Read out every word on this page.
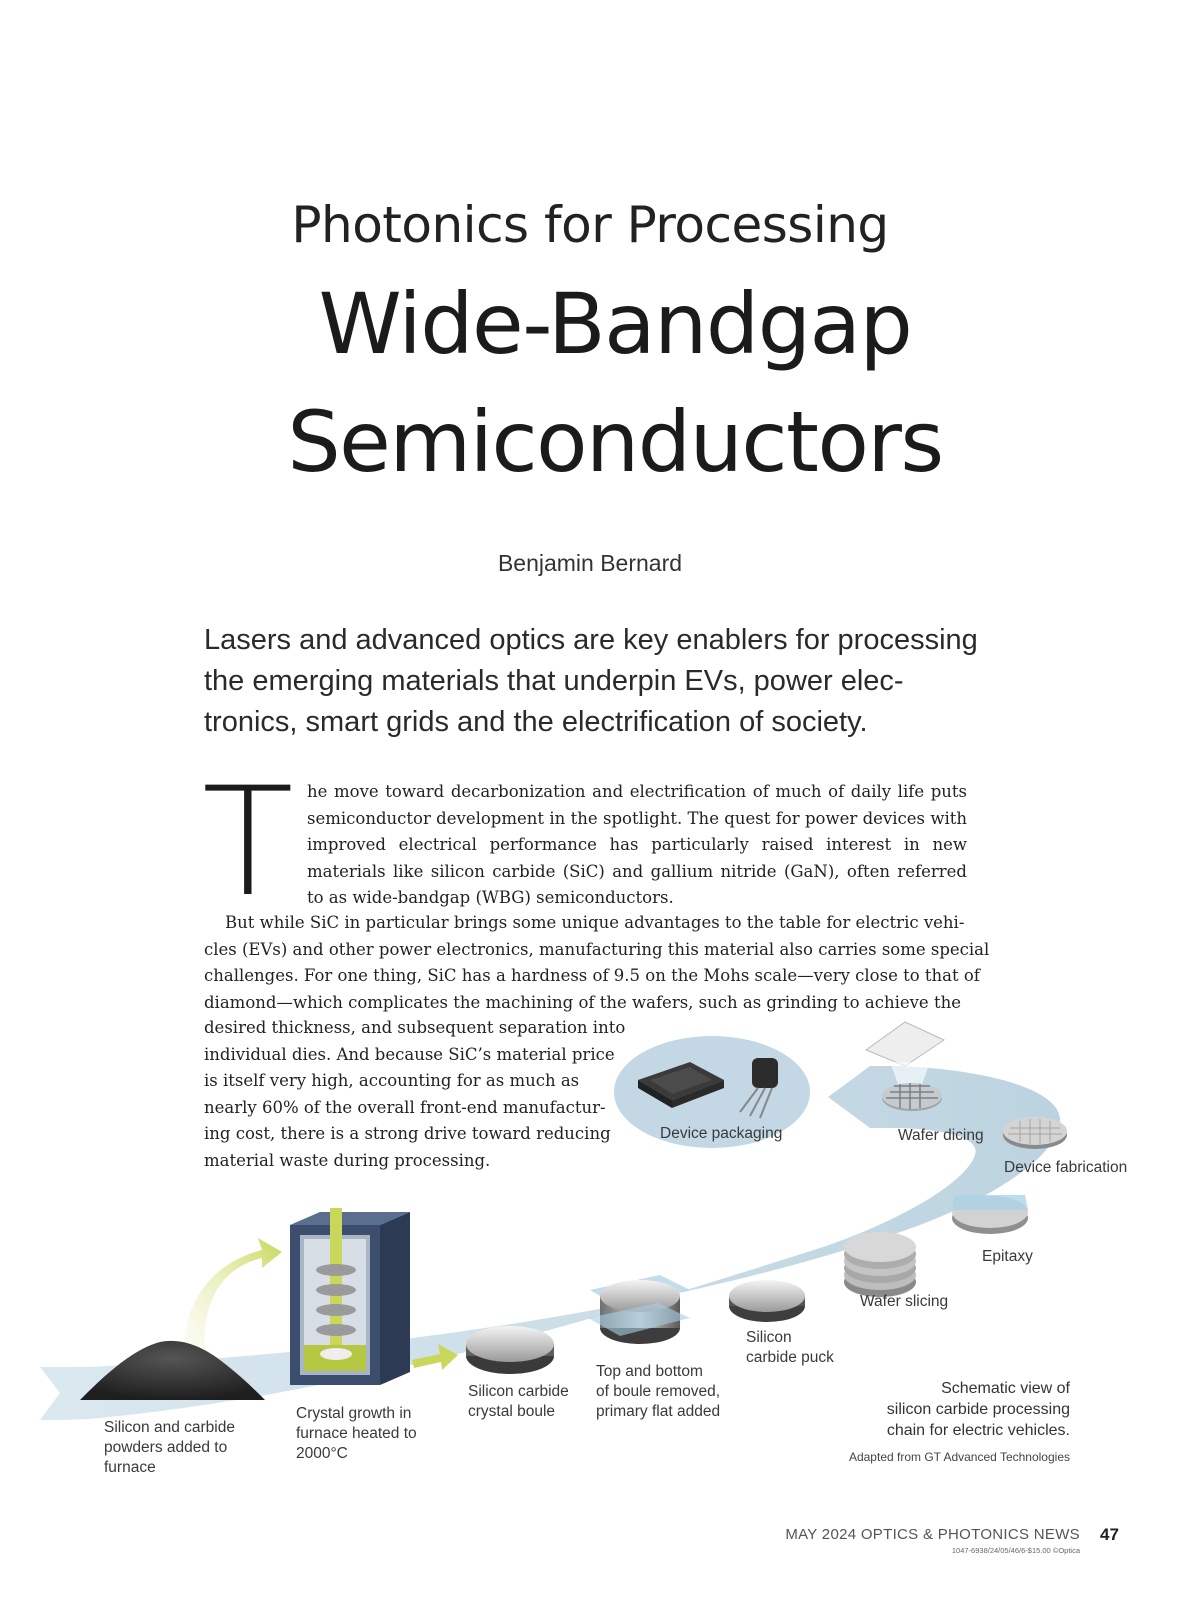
Photonics for Processing
Wide-Bandgap
Semiconductors
Benjamin Bernard
Lasers and advanced optics are key enablers for processing
the emerging materials that underpin EVs, power elec-
tronics, smart grids and the electrification of society.
T he move toward decarbonization and electrification of much of daily life puts semiconductor development in the spotlight. The quest for power devices with improved electrical performance has particularly raised interest in new materials like silicon carbide (SiC) and gallium nitride (GaN), often referred to as wide-bandgap (WBG) semiconductors.
But while SiC in particular brings some unique advantages to the table for electric vehi-
cles (EVs) and other power electronics, manufacturing this material also carries some special
challenges. For one thing, SiC has a hardness of 9.5 on the Mohs scale—very close to that of
diamond—which complicates the machining of the wafers, such as grinding to achieve the
desired thickness, and subsequent separation into
individual dies. And because SiC’s material price
is itself very high, accounting for as much as
nearly 60% of the overall front-end manufactur-
ing cost, there is a strong drive toward reducing
material waste during processing.
Silicon and carbide
powders added to
furnace
Crystal growth in
furnace heated to
2000°C
Silicon carbide
crystal boule
Top and bottom
of boule removed,
primary flat added
Silicon
carbide puck
Wafer slicing
Epitaxy
Device fabrication
Wafer dicing
Device packaging
Schematic view of
silicon carbide processing
chain for electric vehicles.
Adapted from GT Advanced Technologies
MAY 2024 OPTICS & PHOTONICS NEWS 47
1047-6938/24/05/46/6-$15.00 ©Optica
